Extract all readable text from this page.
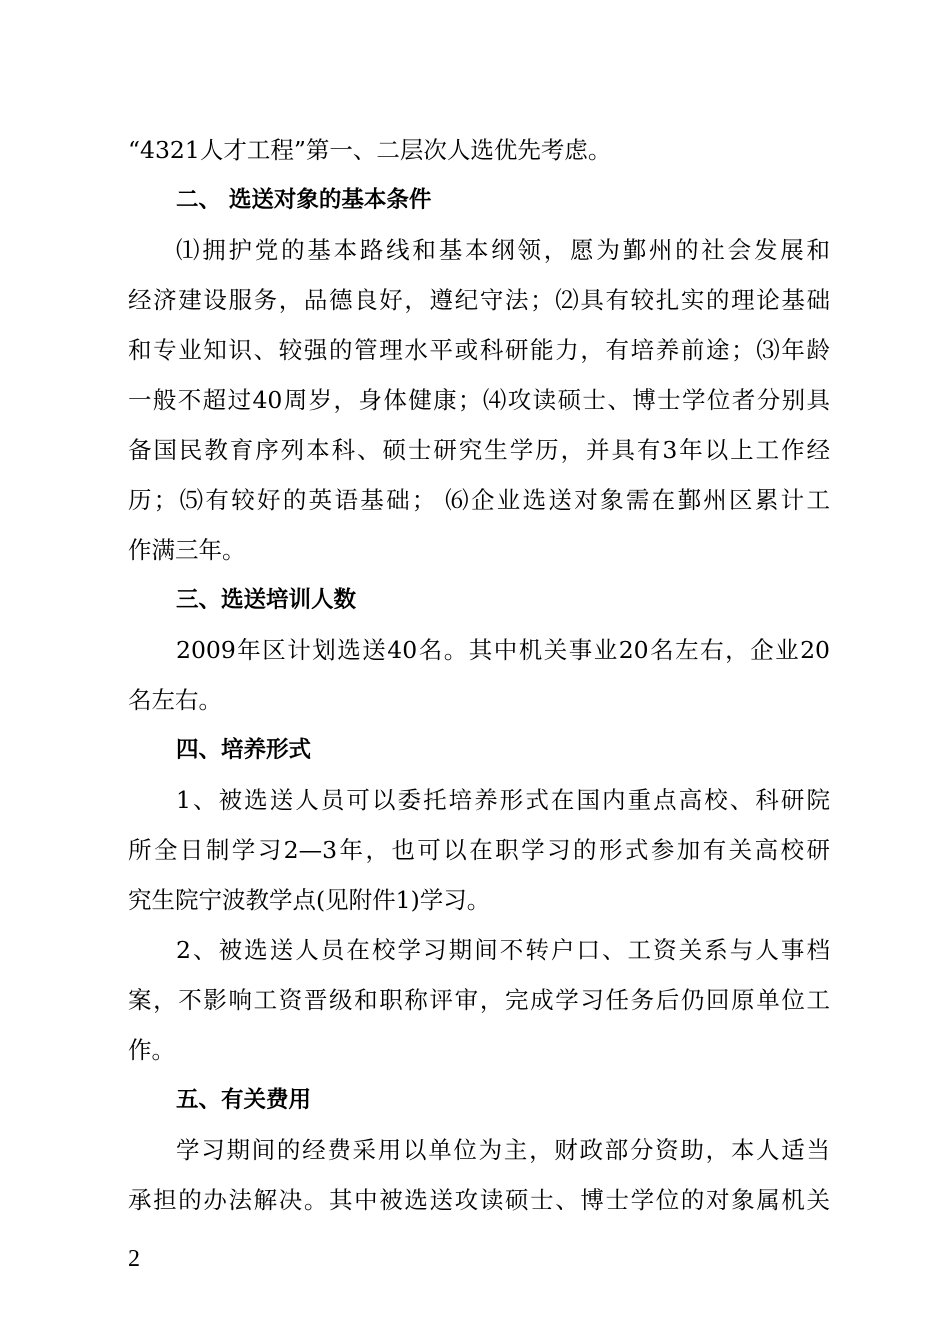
“4321人才工程”第一、二层次人选优先考虑。
二、 选送对象的基本条件
⑴拥护党的基本路线和基本纲领，愿为鄞州的社会发展和
经济建设服务，品德良好，遵纪守法；⑵具有较扎实的理论基础
和专业知识、较强的管理水平或科研能力，有培养前途；⑶年龄
一般不超过40周岁，身体健康；⑷攻读硕士、博士学位者分别具
备国民教育序列本科、硕士研究生学历，并具有3年以上工作经
历；⑸有较好的英语基础； ⑹企业选送对象需在鄞州区累计工
作满三年。
三、选送培训人数
2009年区计划选送40名。其中机关事业20名左右，企业20
名左右。
四、培养形式
1、被选送人员可以委托培养形式在国内重点高校、科研院
所全日制学习2—3年，也可以在职学习的形式参加有关高校研
究生院宁波教学点(见附件1)学习。
2、被选送人员在校学习期间不转户口、工资关系与人事档
案，不影响工资晋级和职称评审，完成学习任务后仍回原单位工
作。
五、有关费用
学习期间的经费采用以单位为主，财政部分资助，本人适当
承担的办法解决。其中被选送攻读硕士、博士学位的对象属机关
2
